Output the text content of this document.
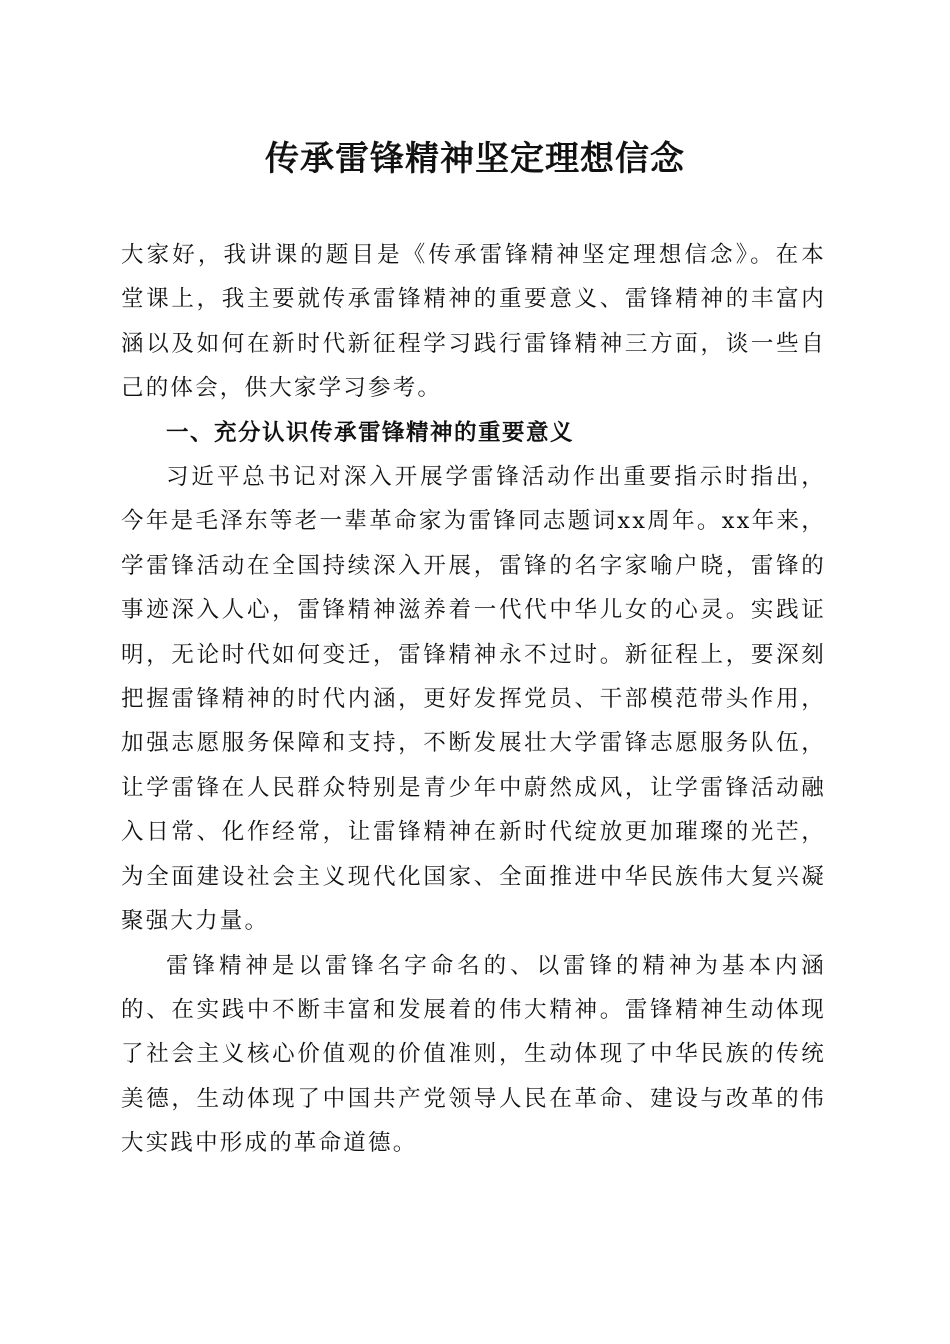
传承雷锋精神坚定理想信念

大家好，我讲课的题目是《传承雷锋精神坚定理想信念》。在本堂课上，我主要就传承雷锋精神的重要意义、雷锋精神的丰富内涵以及如何在新时代新征程学习践行雷锋精神三方面，谈一些自己的体会，供大家学习参考。

一、充分认识传承雷锋精神的重要意义

习近平总书记对深入开展学雷锋活动作出重要指示时指出，今年是毛泽东等老一辈革命家为雷锋同志题词xx周年。xx年来，学雷锋活动在全国持续深入开展，雷锋的名字家喻户晓，雷锋的事迹深入人心，雷锋精神滋养着一代代中华儿女的心灵。实践证明，无论时代如何变迁，雷锋精神永不过时。新征程上，要深刻把握雷锋精神的时代内涵，更好发挥党员、干部模范带头作用，加强志愿服务保障和支持，不断发展壮大学雷锋志愿服务队伍，让学雷锋在人民群众特别是青少年中蔚然成风，让学雷锋活动融入日常、化作经常，让雷锋精神在新时代绽放更加璀璨的光芒，为全面建设社会主义现代化国家、全面推进中华民族伟大复兴凝聚强大力量。

雷锋精神是以雷锋名字命名的、以雷锋的精神为基本内涵的、在实践中不断丰富和发展着的伟大精神。雷锋精神生动体现了社会主义核心价值观的价值准则，生动体现了中华民族的传统美德，生动体现了中国共产党领导人民在革命、建设与改革的伟大实践中形成的革命道德。
